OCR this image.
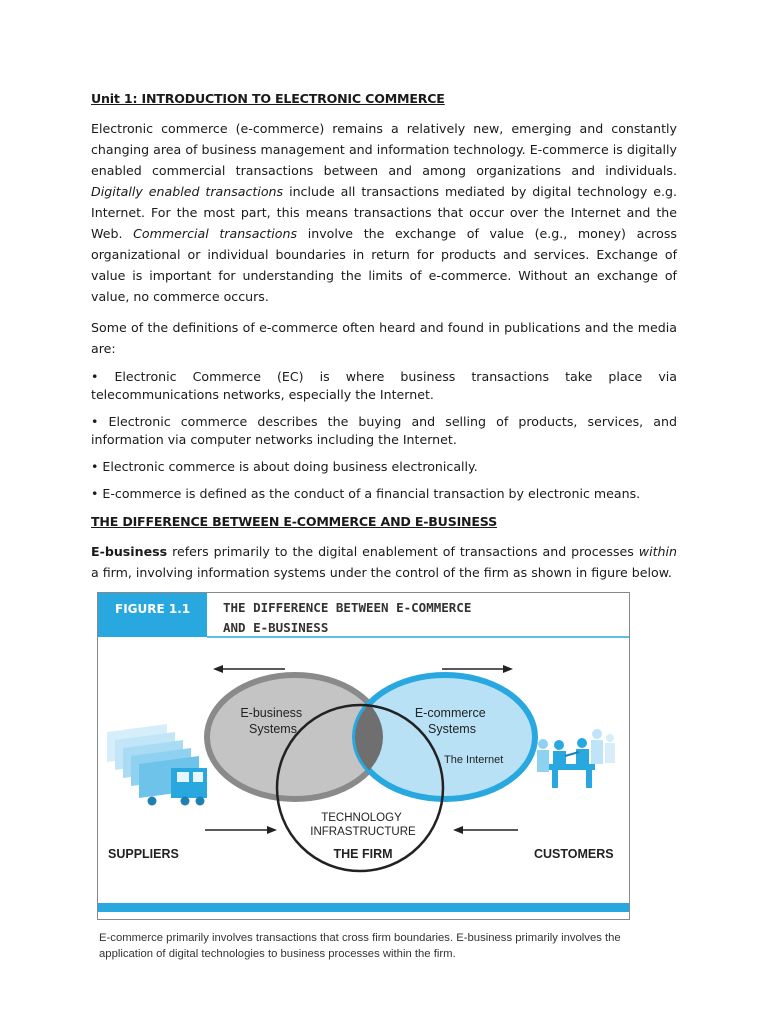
Unit 1: INTRODUCTION TO ELECTRONIC COMMERCE

Electronic commerce (e-commerce) remains a relatively new, emerging and constantly changing area of business management and information technology. E-commerce is digitally enabled commercial transactions between and among organizations and individuals. Digitally enabled transactions include all transactions mediated by digital technology e.g. Internet. For the most part, this means transactions that occur over the Internet and the Web. Commercial transactions involve the exchange of value (e.g., money) across organizational or individual boundaries in return for products and services. Exchange of value is important for understanding the limits of e-commerce. Without an exchange of value, no commerce occurs.

Some of the definitions of e-commerce often heard and found in publications and the media are:

• Electronic Commerce (EC) is where business transactions take place via telecommunications networks, especially the Internet.

• Electronic commerce describes the buying and selling of products, services, and information via computer networks including the Internet.

• Electronic commerce is about doing business electronically.

• E-commerce is defined as the conduct of a financial transaction by electronic means.

THE DIFFERENCE BETWEEN E-COMMERCE AND E-BUSINESS

E-business refers primarily to the digital enablement of transactions and processes within a firm, involving information systems under the control of the firm as shown in figure below.

FIGURE 1.1	THE DIFFERENCE BETWEEN E-COMMERCE
AND E-BUSINESS
E-business Systems
E-commerce Systems
The Internet
TECHNOLOGY INFRASTRUCTURE
THE FIRM
SUPPLIERS	CUSTOMERS
E-commerce primarily involves transactions that cross firm boundaries. E-business primarily involves the
application of digital technologies to business processes within the firm.
